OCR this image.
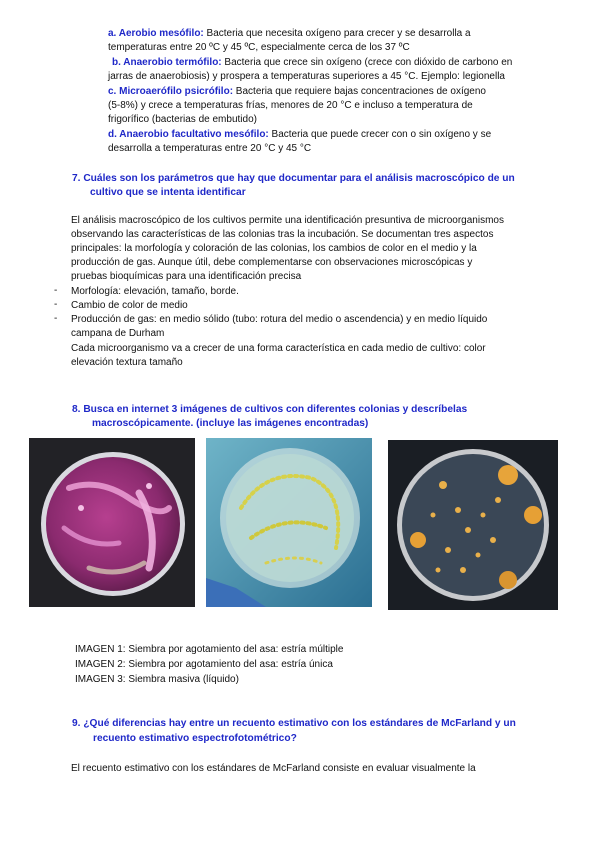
a. Aerobio mesófilo: Bacteria que necesita oxígeno para crecer y se desarrolla a
temperaturas entre 20 ºC y 45 ºC, especialmente cerca de los 37 ºC
b. Anaerobio termófilo: Bacteria que crece sin oxígeno (crece con dióxido de carbono en
jarras de anaerobiosis) y prospera a temperaturas superiores a 45 °C. Ejemplo: legionella
c. Microaerófilo psicrófilo: Bacteria que requiere bajas concentraciones de oxígeno
(5-8%) y crece a temperaturas frías, menores de 20 °C e incluso a temperatura de
frigorífico (bacterias de embutido)
d. Anaerobio facultativo mesófilo: Bacteria que puede crecer con o sin oxígeno y se
desarrolla a temperaturas entre 20 °C y 45 °C
7. Cuáles son los parámetros que hay que documentar para el análisis macroscópico de un
cultivo que se intenta identificar
El análisis macroscópico de los cultivos permite una identificación presuntiva de microorganismos
observando las características de las colonias tras la incubación. Se documentan tres aspectos
principales: la morfología y coloración de las colonias, los cambios de color en el medio y la
producción de gas. Aunque útil, debe complementarse con observaciones microscópicas y
pruebas bioquímicas para una identificación precisa
- Morfología: elevación, tamaño, borde.
- Cambio de color de medio
- Producción de gas: en medio sólido (tubo: rotura del medio o ascendencia) y en medio líquido
campana de Durham
Cada microorganismo va a crecer de una forma característica en cada medio de cultivo: color
elevación textura tamaño
8. Busca en internet 3 imágenes de cultivos con diferentes colonias y descríbelas
macroscópicamente. (incluye las imágenes encontradas)
IMAGEN 1: Siembra por agotamiento del asa: estría múltiple
IMAGEN 2: Siembra por agotamiento del asa: estría única
IMAGEN 3: Siembra masiva (líquido)
9. ¿Qué diferencias hay entre un recuento estimativo con los estándares de McFarland y un
recuento estimativo espectrofotométrico?
El recuento estimativo con los estándares de McFarland consiste en evaluar visualmente la
